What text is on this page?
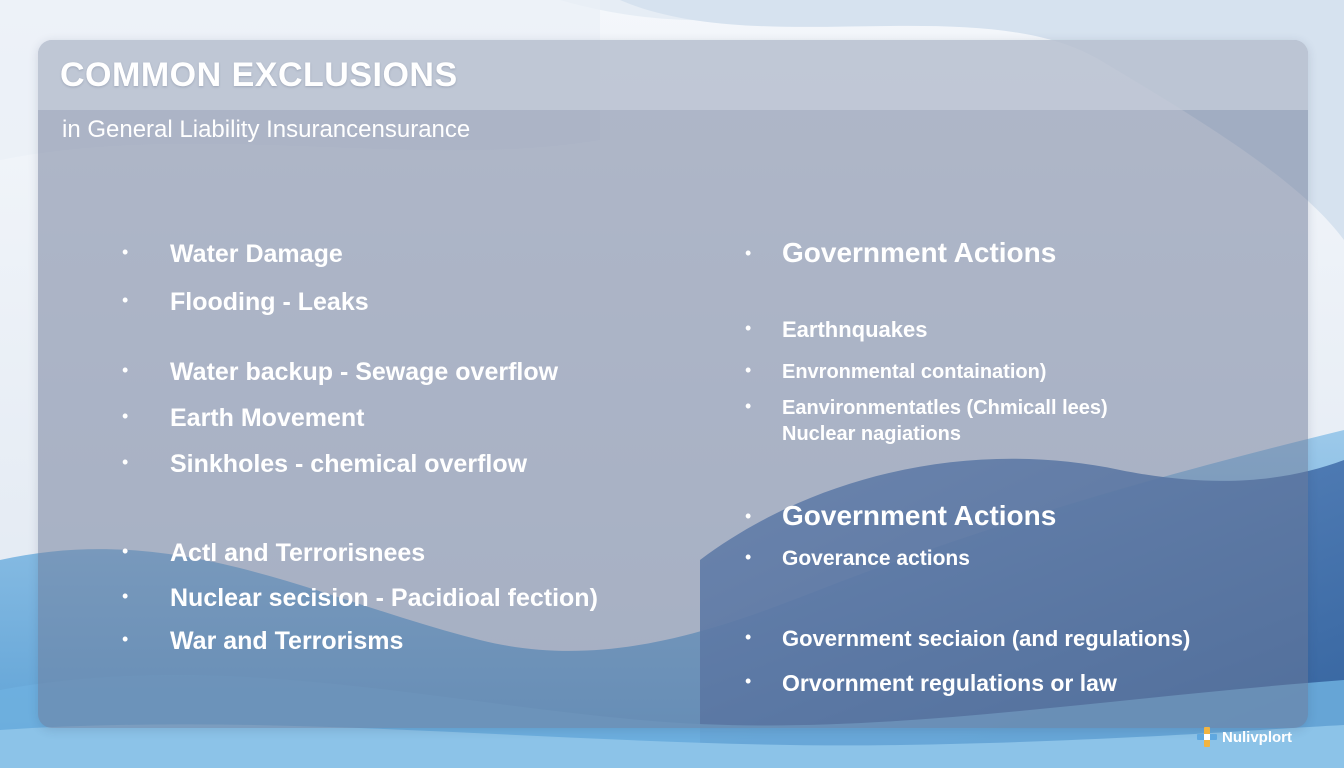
COMMON EXCLUSIONS
in General Liability Insurancensurance
• Water Damage
• Flooding - Leaks
• Water backup - Sewage overflow
• Earth Movement
• Sinkholes - chemical overflow
• Actl and Terrorisnees
• Nuclear secision - Pacidioal fection)
• War and Terrorisms
• Government Actions
• Earthnquakes
• Envronmental containation)
• Eanvironmentatles (Chmicall lees)
Nuclear nagiations
• Government Actions
• Goverance actions
• Government seciaion (and regulations)
• Orvornment regulations or law
Nulivplort
